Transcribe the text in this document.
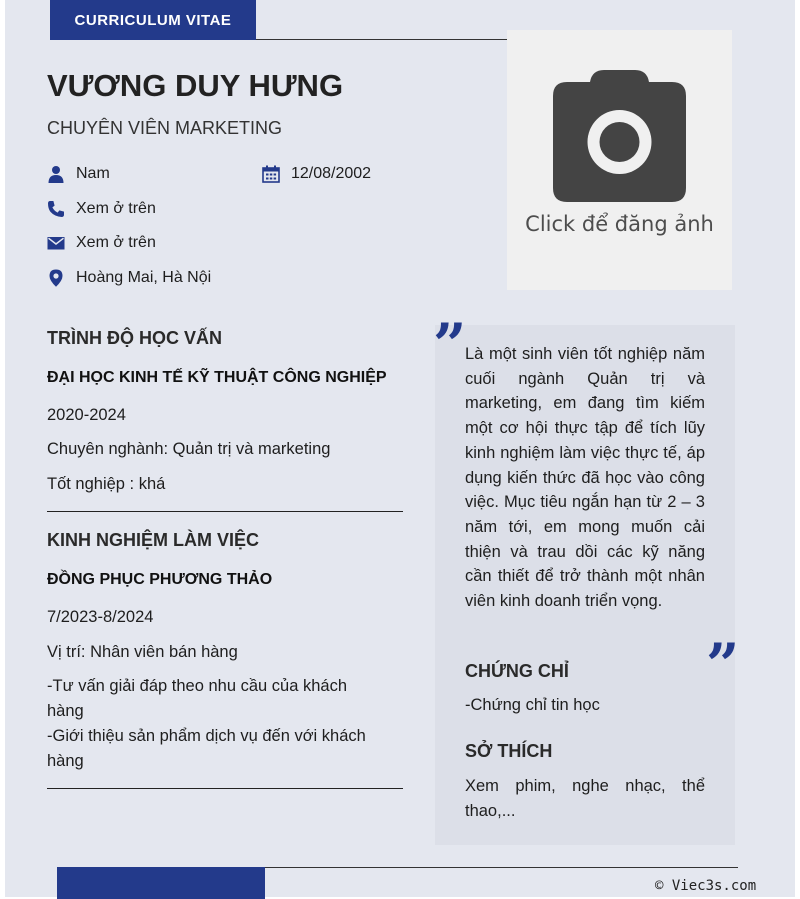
CURRICULUM VITAE
Click để đăng ảnh
VƯƠNG DUY HƯNG
CHUYÊN VIÊN MARKETING
Nam	12/08/2002
Xem ở trên
Xem ở trên
Hoàng Mai, Hà Nội
TRÌNH ĐỘ HỌC VẤN
ĐẠI HỌC KINH TẾ KỸ THUẬT CÔNG NGHIỆP
2020-2024
Chuyên nghành: Quản trị và marketing
Tốt nghiệp : khá
KINH NGHIỆM LÀM VIỆC
ĐỒNG PHỤC PHƯƠNG THẢO
7/2023-8/2024
Vị trí: Nhân viên bán hàng
-Tư vấn giải đáp theo nhu cầu của khách hàng
-Giới thiệu sản phẩm dịch vụ đến với khách hàng
”
Là một sinh viên tốt nghiệp năm cuối ngành Quản trị và marketing, em đang tìm kiếm một cơ hội thực tập để tích lũy kinh nghiệm làm việc thực tế, áp dụng kiến thức đã học vào công việc. Mục tiêu ngắn hạn từ 2 – 3 năm tới, em mong muốn cải thiện và trau dồi các kỹ năng cần thiết để trở thành một nhân viên kinh doanh triển vọng.
”
CHỨNG CHỈ
-Chứng chỉ tin học
SỞ THÍCH
Xem phim, nghe nhạc, thể thao,...
© Viec3s.com
